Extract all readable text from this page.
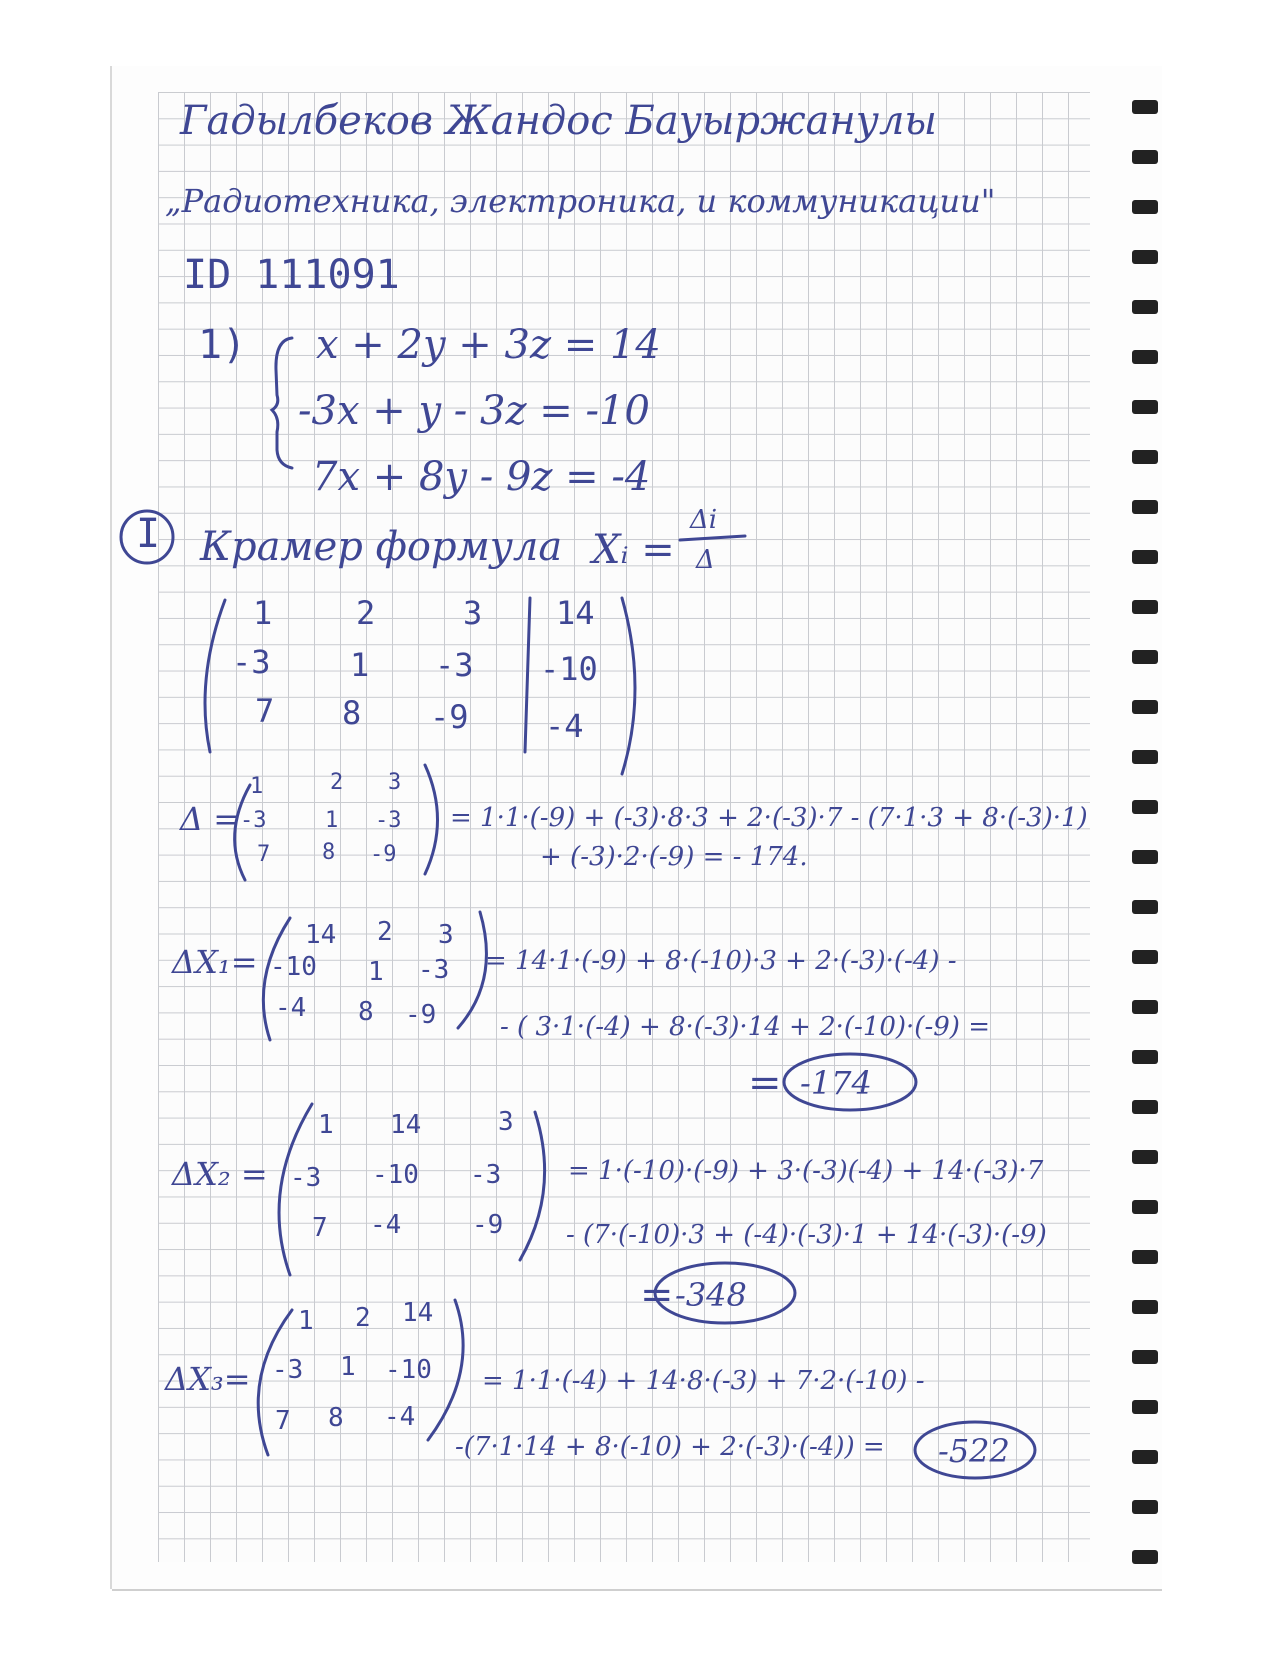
Гадылбеков Жандос Бауыржанулы
„Радиотехника, электроника, и коммуникации"
ID 111091
1) x + 2y + 3z = 14
-3x + y - 3z = -10
7x + 8y - 9z = -4
I Крамер формула Xᵢ =
Δi
Δ
1	2	3 14
-3 1 -3 -10
7 8 -9 -4
Δ =
1	2 3
-3	1 -3
7 8 -9
= 1·1·(-9) + (-3)·8·3 + 2·(-3)·7 - (7·1·3 + 8·(-3)·1)
+ (-3)·2·(-9) = - 174.
ΔX₁=
14 2 3
-10 1 -3
-4 8 -9
= 14·1·(-9) + 8·(-10)·3 + 2·(-3)·(-4) -
- ( 3·1·(-4) + 8·(-3)·14 + 2·(-10)·(-9) =
= -174
ΔX₂ =
1 14	3
-3 -10 -3
7 -4	-9
= 1·(-10)·(-9) + 3·(-3)(-4) + 14·(-3)·7
- (7·(-10)·3 + (-4)·(-3)·1 + 14·(-3)·(-9)
= -348
ΔX₃=
1 2 14
-3 1 -10
7 8 -4
= 1·1·(-4) + 14·8·(-3) + 7·2·(-10) -
-(7·1·14 + 8·(-10) + 2·(-3)·(-4)) = -522
